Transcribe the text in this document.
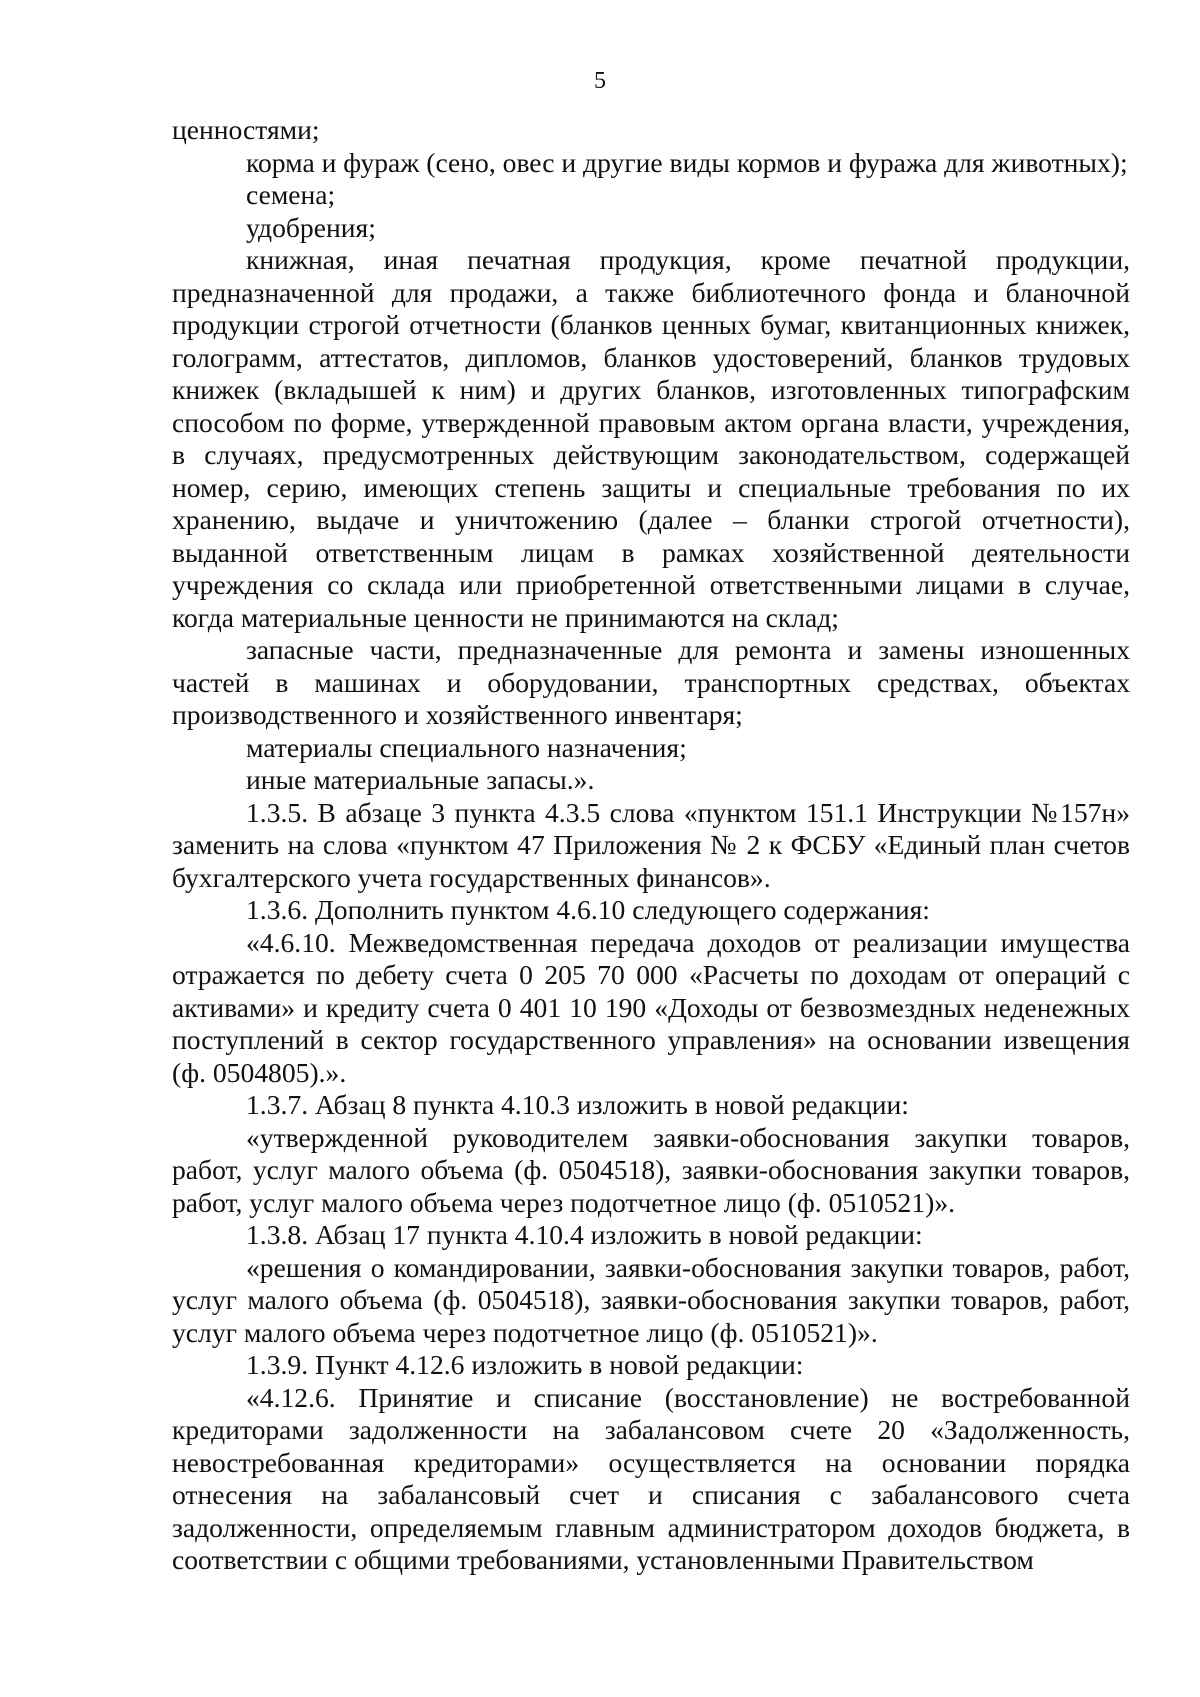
5

ценностями;

корма и фураж (сено, овес и другие виды кормов и фуража для животных);

семена;

удобрения;

книжная, иная печатная продукция, кроме печатной продукции, предназначенной для продажи, а также библиотечного фонда и бланочной продукции строгой отчетности (бланков ценных бумаг, квитанционных книжек, голограмм, аттестатов, дипломов, бланков удостоверений, бланков трудовых книжек (вкладышей к ним) и других бланков, изготовленных типографским способом по форме, утвержденной правовым актом органа власти, учреждения, в случаях, предусмотренных действующим законодательством, содержащей номер, серию, имеющих степень защиты и специальные требования по их хранению, выдаче и уничтожению (далее – бланки строгой отчетности), выданной ответственным лицам в рамках хозяйственной деятельности учреждения со склада или приобретенной ответственными лицами в случае, когда материальные ценности не принимаются на склад;

запасные части, предназначенные для ремонта и замены изношенных частей в машинах и оборудовании, транспортных средствах, объектах производственного и хозяйственного инвентаря;

материалы специального назначения;

иные материальные запасы.».

1.3.5. В абзаце 3 пункта 4.3.5 слова «пунктом 151.1 Инструкции №157н» заменить на слова «пунктом 47 Приложения № 2 к ФСБУ «Единый план счетов бухгалтерского учета государственных финансов».

1.3.6. Дополнить пунктом 4.6.10 следующего содержания:

«4.6.10. Межведомственная передача доходов от реализации имущества отражается по дебету счета 0 205 70 000 «Расчеты по доходам от операций с активами» и кредиту счета 0 401 10 190 «Доходы от безвозмездных неденежных поступлений в сектор государственного управления» на основании извещения (ф. 0504805).».

1.3.7. Абзац 8 пункта 4.10.3 изложить в новой редакции:

«утвержденной руководителем заявки-обоснования закупки товаров, работ, услуг малого объема (ф. 0504518), заявки-обоснования закупки товаров, работ, услуг малого объема через подотчетное лицо (ф. 0510521)».

1.3.8. Абзац 17 пункта 4.10.4 изложить в новой редакции:

«решения о командировании, заявки-обоснования закупки товаров, работ, услуг малого объема (ф. 0504518), заявки-обоснования закупки товаров, работ, услуг малого объема через подотчетное лицо (ф. 0510521)».

1.3.9. Пункт 4.12.6 изложить в новой редакции:

«4.12.6. Принятие и списание (восстановление) не востребованной кредиторами задолженности на забалансовом счете 20 «Задолженность, невостребованная кредиторами» осуществляется на основании порядка отнесения на забалансовый счет и списания с забалансового счета задолженности, определяемым главным администратором доходов бюджета, в соответствии с общими требованиями, установленными Правительством
